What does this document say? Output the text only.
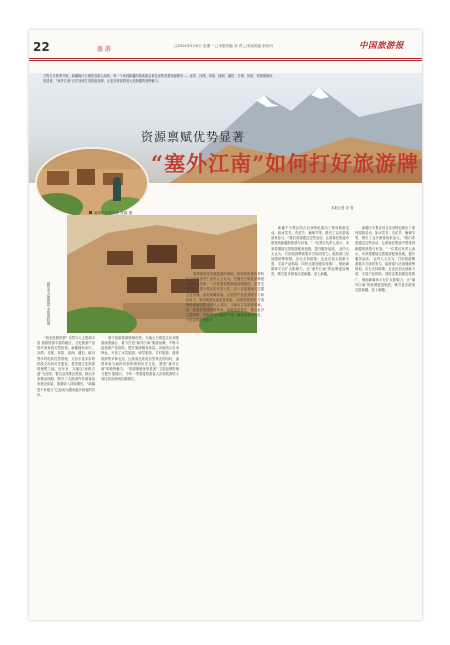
22	旅 游	□2024年5月6日 星期一 □本版责编 刘 青 □本版美编 彭怡丹	中国旅游报
万物生长的季节里，新疆喀什古城依旧游人如织。每一个来到新疆的游客都会被这里的美景深深吸引……冰雪、沙漠、草原、绿洲、湖泊、古城、民俗，资源禀赋优势显著，“塞外江南”正在加快打造旅游品牌，让更多游客感受大美新疆的独特魅力。
资源禀赋优势显著
“塞外江南”如何打好旅游牌
本报记者 刘 青
喀纳斯河畔风光 张霖 摄
悬空寺古建筑群 本报资料图
新疆风光

“西北民族风情” 自然与人文资源丰富 旅游资源丰富的地区，文化旅游产品的开发有着天然优势。新疆拥有冰川、沙漠、戈壁、草原、绿洲、湖泊、峡谷等多样化的自然景观，又有丰富多彩的民族文化和历史遗存，是发展文化旅游的理想之地。近年来，当地以“丝路古道”为纽带，整合沿线景区资源，推出多条精品线路，吸引了大批国内外游客前来观光体验，旅游收入持续增长。“新疆是个好地方”已经成为越来越多游客的共识。

基于旅游资源禀赋优势，当地大力推进文化和旅游深度融合，着力打造“塞外江南”旅游品牌，不断丰富旅游产品供给，提升旅游服务质量。各地结合自身特色，开发了冰雪旅游、研学旅游、乡村旅游、康养旅游等多种业态，让游客在欣赏自然风光的同时，深度体验当地的民俗风情和历史文化，感受“塞外江南”的独特魅力。 “资源禀赋优势显著” 文旅品牌影响力提升 据统计，今年一季度接待游客人次和旅游收入同比均实现两位数增长。

资源禀赋是发展旅游的基础，如何将资源优势转化为发展优势？业内人士认为，关键在于做好品牌建设和产品创新。一方面要加强基础设施建设，完善交通网络，提升景区的可进入性；另一方面要深入挖掘文化内涵，讲好新疆故事，让旅游产品更具吸引力和竞争力，推动旅游业高质量发展。 如何发挥优势 打造特色旅游线路 业内人士建议，当地应立足资源禀赋，进一步做好旅游线路规划，串联优质景区，推出更多主题鲜明、特色突出的旅游产品，满足游客多样化、个性化的消费需求。

新疆不少景区结合自身特色推出了系列旅游活动，如冰雪节、杏花节、葡萄节等，吸引了众多游客前来参与。“我们希望通过这些活动，让游客在旅途中感受到新疆的热情与好客。”一位景区负责人表示，未来将继续完善旅游配套设施，提升服务品质。 业内人士认为，打好旅游牌需要多方协同发力。政府部门应加强统筹规划，出台支持政策；企业应加大创新力度，丰富产品供给；同时还要加强宣传推广，借助新媒体平台扩大影响力，让“塞外江南”的品牌更加响亮，吸引更多游客走进新疆、爱上新疆。

新疆不少景区结合自身特色推出了系列旅游活动，如冰雪节、杏花节、葡萄节等，吸引了众多游客前来参与。“我们希望通过这些活动，让游客在旅途中感受到新疆的热情与好客。”一位景区负责人表示，未来将继续完善旅游配套设施，提升服务品质。 业内人士认为，打好旅游牌需要多方协同发力。政府部门应加强统筹规划，出台支持政策；企业应加大创新力度，丰富产品供给；同时还要加强宣传推广，借助新媒体平台扩大影响力，让“塞外江南”的品牌更加响亮，吸引更多游客走进新疆、爱上新疆。
